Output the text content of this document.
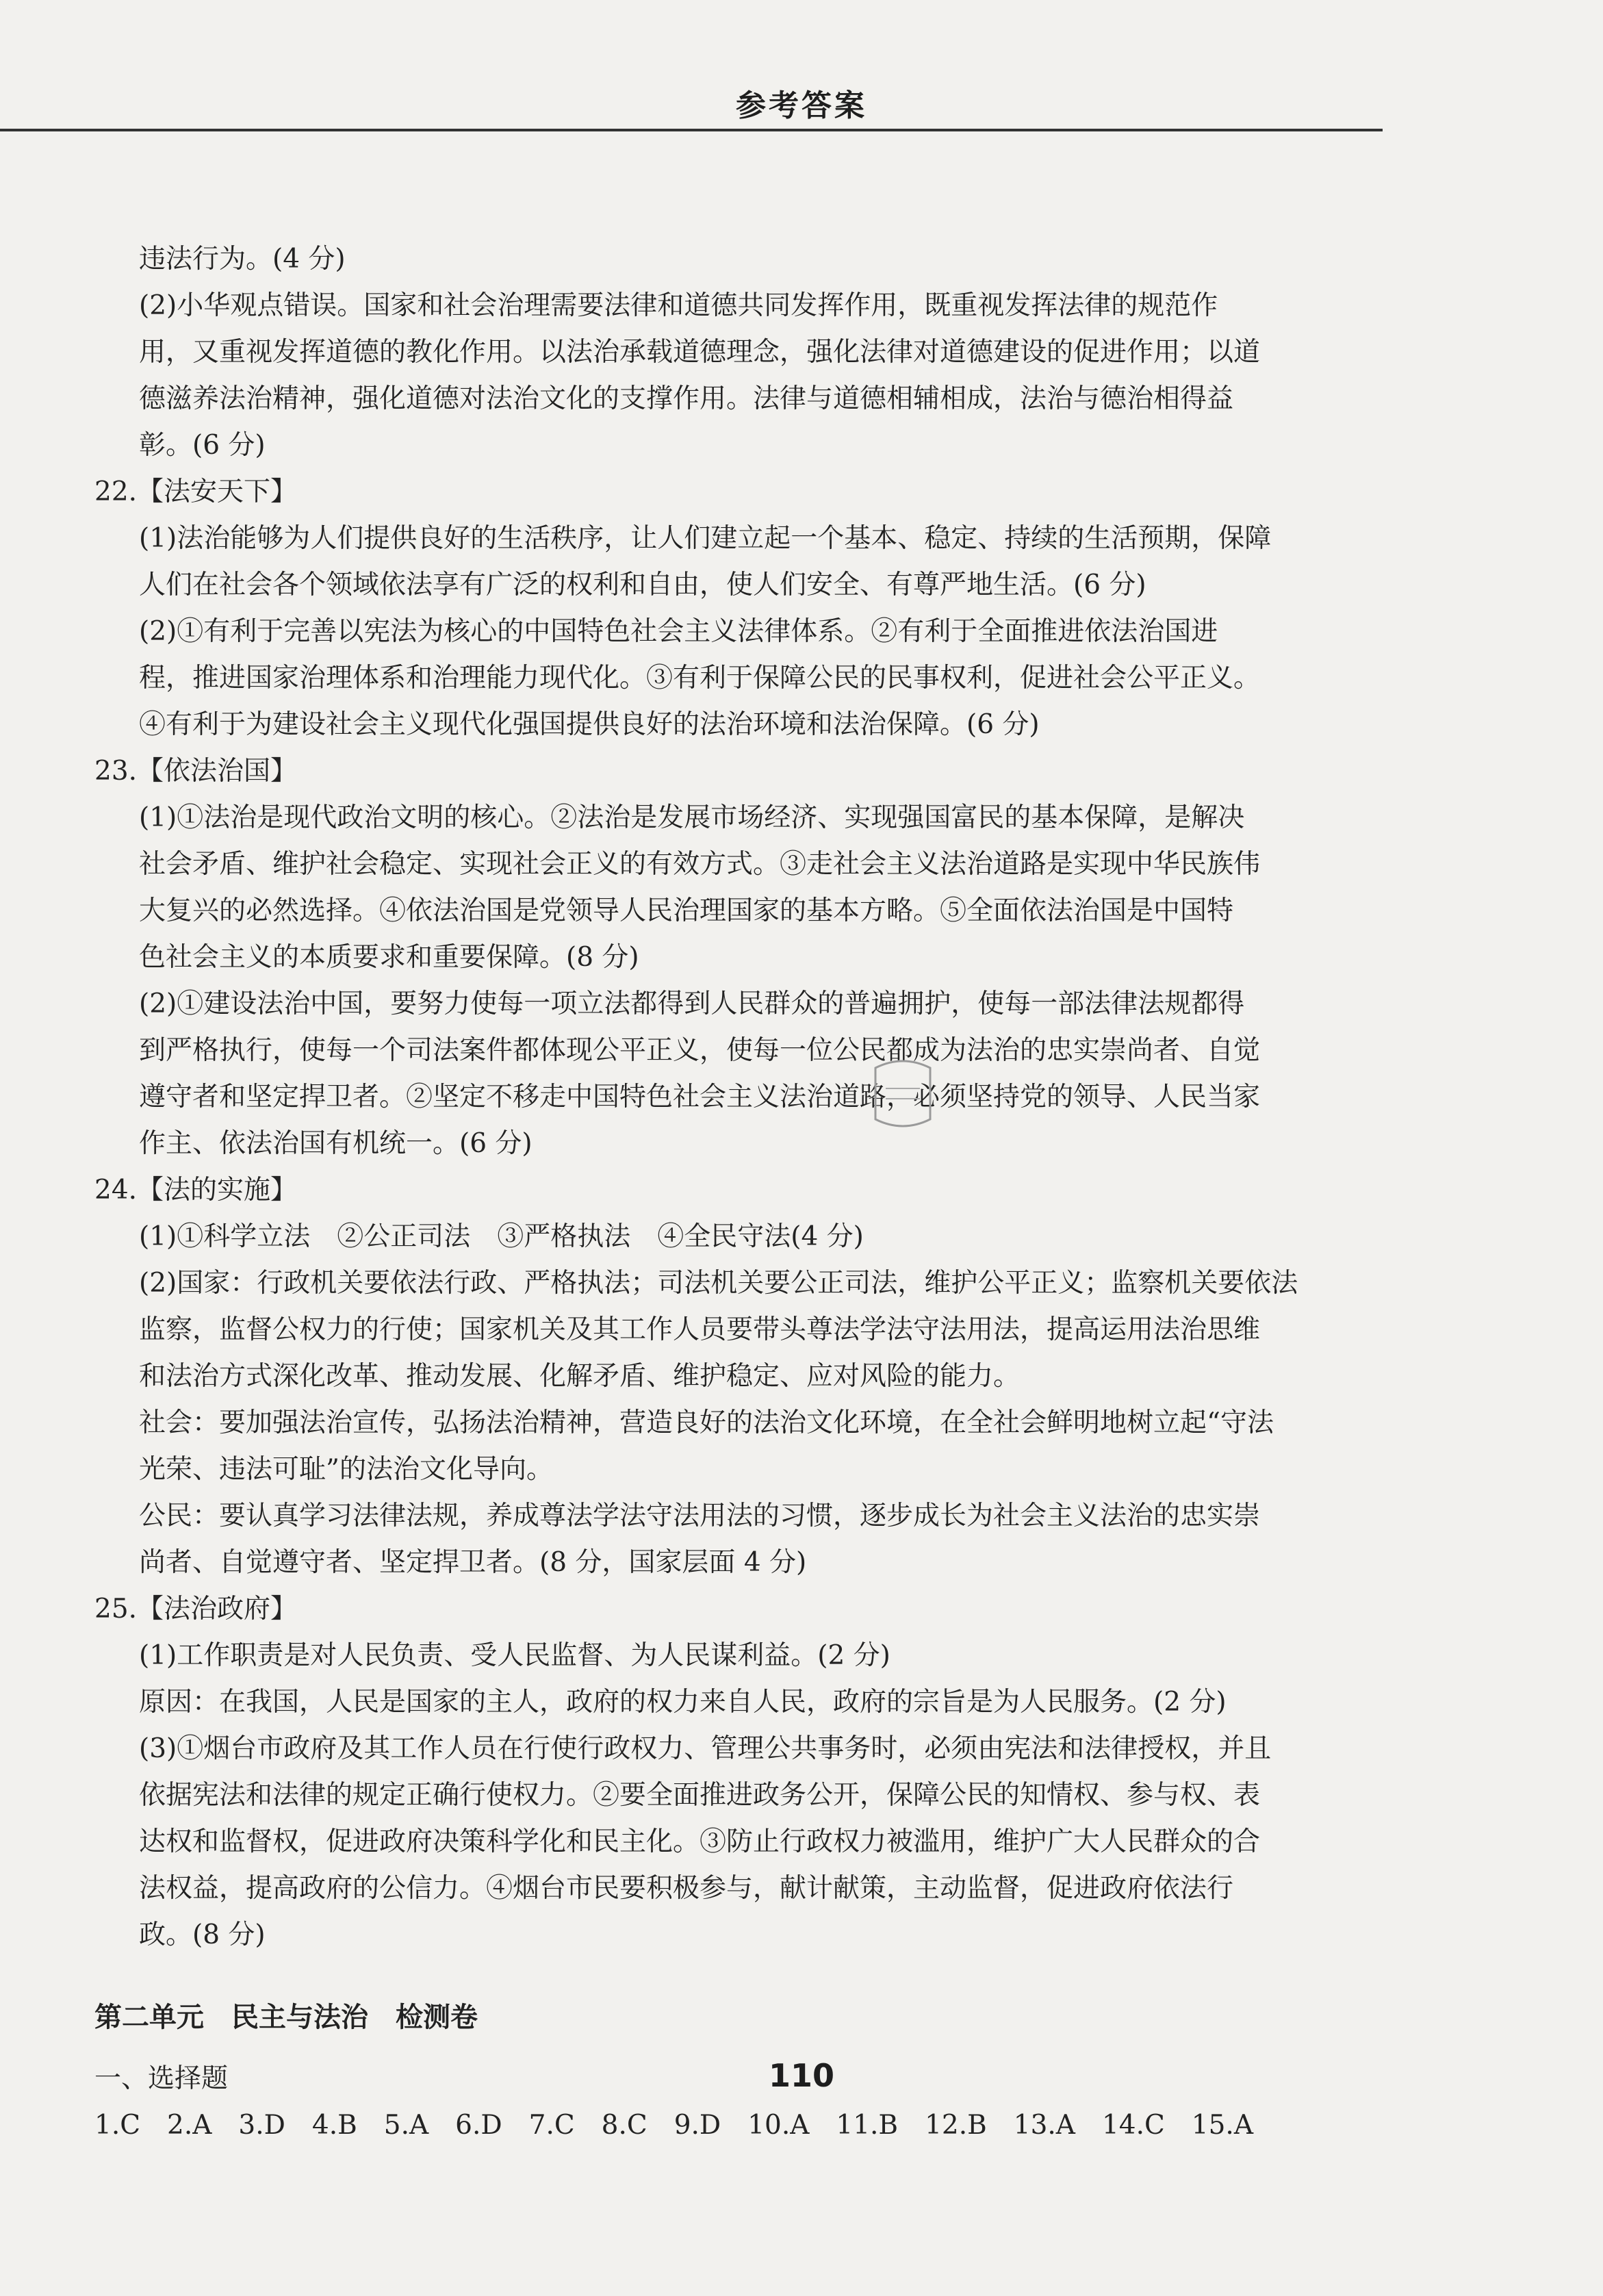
参考答案

违法行为。(4 分)

(2)小华观点错误。国家和社会治理需要法律和道德共同发挥作用，既重视发挥法律的规范作

用，又重视发挥道德的教化作用。以法治承载道德理念，强化法律对道德建设的促进作用；以道

德滋养法治精神，强化道德对法治文化的支撑作用。法律与道德相辅相成，法治与德治相得益

彰。(6 分)

22.【法安天下】

(1)法治能够为人们提供良好的生活秩序，让人们建立起一个基本、稳定、持续的生活预期，保障

人们在社会各个领域依法享有广泛的权利和自由，使人们安全、有尊严地生活。(6 分)

(2)①有利于完善以宪法为核心的中国特色社会主义法律体系。②有利于全面推进依法治国进

程，推进国家治理体系和治理能力现代化。③有利于保障公民的民事权利，促进社会公平正义。

④有利于为建设社会主义现代化强国提供良好的法治环境和法治保障。(6 分)

23.【依法治国】

(1)①法治是现代政治文明的核心。②法治是发展市场经济、实现强国富民的基本保障，是解决

社会矛盾、维护社会稳定、实现社会正义的有效方式。③走社会主义法治道路是实现中华民族伟

大复兴的必然选择。④依法治国是党领导人民治理国家的基本方略。⑤全面依法治国是中国特

色社会主义的本质要求和重要保障。(8 分)

(2)①建设法治中国，要努力使每一项立法都得到人民群众的普遍拥护，使每一部法律法规都得

到严格执行，使每一个司法案件都体现公平正义，使每一位公民都成为法治的忠实崇尚者、自觉

遵守者和坚定捍卫者。②坚定不移走中国特色社会主义法治道路，必须坚持党的领导、人民当家

作主、依法治国有机统一。(6 分)

24.【法的实施】

(1)①科学立法　②公正司法　③严格执法　④全民守法(4 分)

(2)国家：行政机关要依法行政、严格执法；司法机关要公正司法，维护公平正义；监察机关要依法

监察，监督公权力的行使；国家机关及其工作人员要带头尊法学法守法用法，提高运用法治思维

和法治方式深化改革、推动发展、化解矛盾、维护稳定、应对风险的能力。

社会：要加强法治宣传，弘扬法治精神，营造良好的法治文化环境，在全社会鲜明地树立起“守法

光荣、违法可耻”的法治文化导向。

公民：要认真学习法律法规，养成尊法学法守法用法的习惯，逐步成长为社会主义法治的忠实崇

尚者、自觉遵守者、坚定捍卫者。(8 分，国家层面 4 分)

25.【法治政府】

(1)工作职责是对人民负责、受人民监督、为人民谋利益。(2 分)

原因：在我国，人民是国家的主人，政府的权力来自人民，政府的宗旨是为人民服务。(2 分)

(3)①烟台市政府及其工作人员在行使行政权力、管理公共事务时，必须由宪法和法律授权，并且

依据宪法和法律的规定正确行使权力。②要全面推进政务公开，保障公民的知情权、参与权、表

达权和监督权，促进政府决策科学化和民主化。③防止行政权力被滥用，维护广大人民群众的合

法权益，提高政府的公信力。④烟台市民要积极参与，献计献策，主动监督，促进政府依法行

政。(8 分)

第二单元　民主与法治　检测卷

一、选择题

1.C　2.A　3.D　4.B　5.A　6.D　7.C　8.C　9.D　10.A　11.B　12.B　13.A　14.C　15.A

110
